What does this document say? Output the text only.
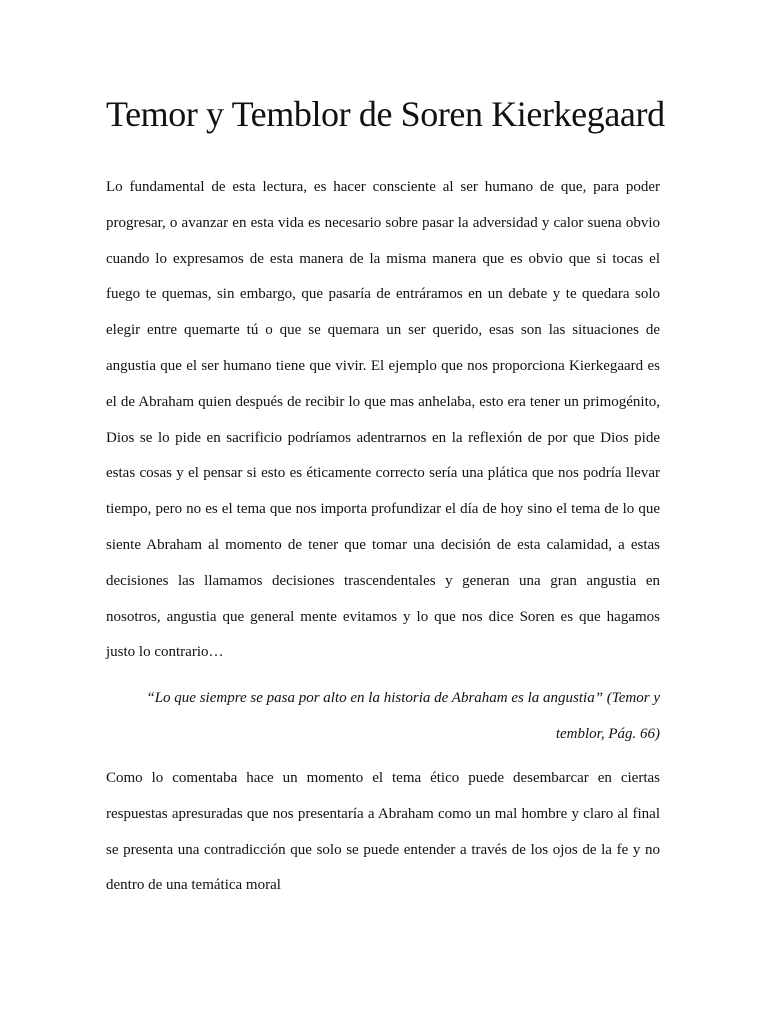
Temor y Temblor de Soren Kierkegaard

Lo fundamental de esta lectura, es hacer consciente al ser humano de que, para poder progresar, o avanzar en esta vida es necesario sobre pasar la adversidad y calor suena obvio cuando lo expresamos de esta manera de la misma manera que es obvio que si tocas el fuego te quemas, sin embargo, que pasaría de entráramos en un debate y te quedara solo elegir entre quemarte tú o que se quemara un ser querido, esas son las situaciones de angustia que el ser humano tiene que vivir. El ejemplo que nos proporciona Kierkegaard es el de Abraham quien después de recibir lo que mas anhelaba, esto era tener un primogénito, Dios se lo pide en sacrificio podríamos adentrarnos en la reflexión de por que Dios pide estas cosas y el pensar si esto es éticamente correcto sería una plática que nos podría llevar tiempo, pero no es el tema que nos importa profundizar el día de hoy sino el tema de lo que siente Abraham al momento de tener que tomar una decisión de esta calamidad, a estas decisiones las llamamos decisiones trascendentales y generan una gran angustia en nosotros, angustia que general mente evitamos y lo que nos dice Soren es que hagamos justo lo contrario…

“Lo que siempre se pasa por alto en la historia de Abraham es la angustia” (Temor y temblor, Pág. 66)

Como lo comentaba hace un momento el tema ético puede desembarcar en ciertas respuestas apresuradas que nos presentaría a Abraham como un mal hombre y claro al final se presenta una contradicción que solo se puede entender a través de los ojos de la fe y no dentro de una temática moral
